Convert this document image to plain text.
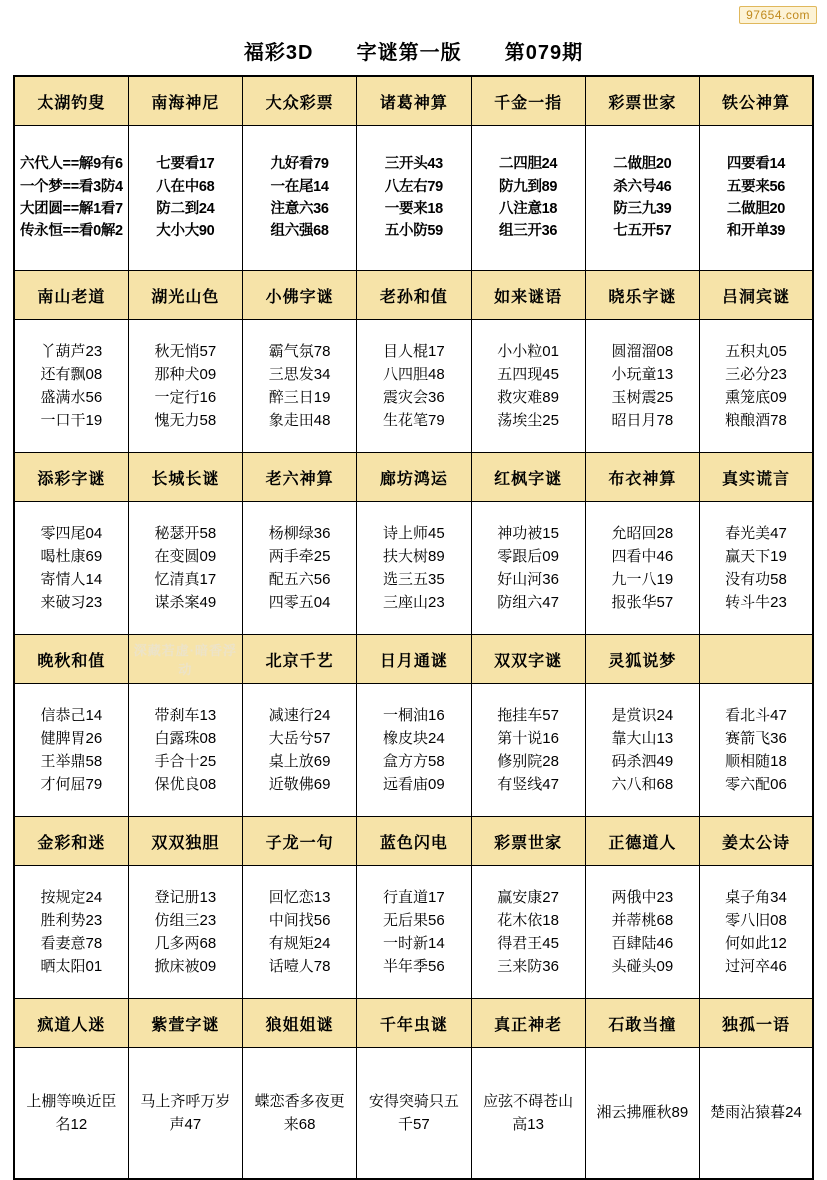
97654.com
福彩3D 字谜第一版 第079期
太湖钓叟	南海神尼	大众彩票	诸葛神算	千金一指	彩票世家	铁公神算

六代人==解9有6
一个梦==看3防4
大团圆==解1看7
传永恒==看0解2	七要看17
八在中68
防二到24
大小大90	九好看79
一在尾14
注意六36
组六强68	三开头43
八左右79
一要来18
五小防59	二四胆24
防九到89
八注意18
组三开36	二做胆20
杀六号46
防三九39
七五开57	四要看14
五要来56
二做胆20
和开单39

南山老道	湖光山色	小佛字谜	老孙和值	如来谜语	晓乐字谜	吕洞宾谜

丫葫芦23
还有飘08
盛满水56
一口干19	秋无悄57
那种犬09
一定行16
愧无力58	霸气氛78
三思发34
醉三日19
象走田48	目人棍17
八四胆48
震灾会36
生花笔79	小小粒01
五四现45
救灾难89
荡埃尘25	圆溜溜08
小玩童13
玉树震25
昭日月78	五积丸05
三必分23
熏笼底09
粮酿酒78

添彩字谜	长城长谜	老六神算	廊坊鸿运	红枫字谜	布衣神算	真实谎言

零四尾04
喝杜康69
寄情人14
来破习23	秘瑟开58
在变圆09
忆清真17
谋杀案49	杨柳绿36
两手牵25
配五六56
四零五04	诗上师45
扶大树89
选三五35
三座山23	神功被15
零跟后09
好山河36
防组六47	允昭回28
四看中46
九一八19
报张华57	春光美47
赢天下19
没有功58
转斗牛23

晚秋和值	深藏若虚·暗香浮动	北京千艺	日月通谜	双双字谜	灵狐说梦	

信恭己14
健脾胃26
王举鼎58
才何屈79	带刹车13
白露珠08
手合十25
保优良08	减速行24
大岳兮57
桌上放69
近敬佛69	一桐油16
橡皮块24
盒方方58
远看庙09	拖挂车57
第十说16
修别院28
有竖线47	是赏识24
靠大山13
码杀泗49
六八和68	看北斗47
赛箭飞36
顺相随18
零六配06

金彩和迷	双双独胆	子龙一句	蓝色闪电	彩票世家	正德道人	姜太公诗

按规定24
胜利势23
看妻意78
晒太阳01	登记册13
仿组三23
几多两68
掀床被09	回忆恋13
中间找56
有规矩24
话噎人78	行直道17
无后果56
一时新14
半年季56	赢安康27
花木依18
得君王45
三来防36	两俄中23
并蒂桃68
百肆陆46
头碰头09	桌子角34
零八旧08
何如此12
过河卒46

疯道人迷	紫萱字谜	狼姐姐谜	千年虫谜	真正神老	石敢当撞	独孤一语

上棚等唤近臣名12	马上齐呼万岁声47	蝶恋香多夜更来68	安得突骑只五千57	应弦不碍苍山高13	湘云拂雁秋89	楚雨沾猿暮24
